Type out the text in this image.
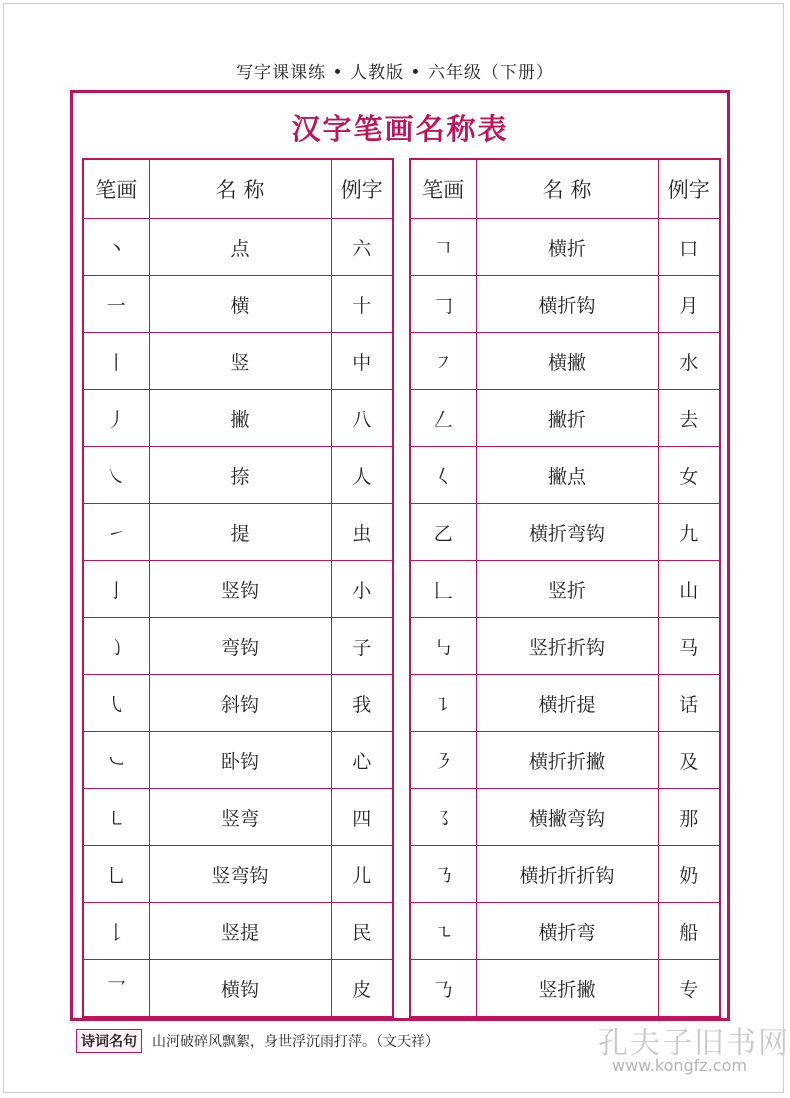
写字课课练 • 人教版 • 六年级（下册）
汉字笔画名称表
笔画	名 称	例字
丶	点	六
一	横	十
丨	竖	中
丿	撇	八
㇏	捺	人
㇀	提	虫
亅	竖钩	小
㇁	弯钩	子
㇂	斜钩	我
㇃	卧钩	心
㇄	竖弯	四
乚	竖弯钩	儿
𠄌	竖提	民
乛	横钩	皮
笔画	名 称	例字
𠃍	横折	口
𠃌	横折钩	月
㇇	横撇	水
𠃋	撇折	去
𡿨	撇点	女
乙	横折弯钩	九
𠃊	竖折	山
㇉	竖折折钩	马
㇊	横折提	话
㇋	横折折撇	及
㇌	横撇弯钩	那
㇡	横折折折钩	奶
㇍	横折弯	船
𠄎	竖折撇	专
诗词名句	山河破碎风飘絮，身世浮沉雨打萍。（文天祥）	孔夫子旧书网
www.kongfz.com
